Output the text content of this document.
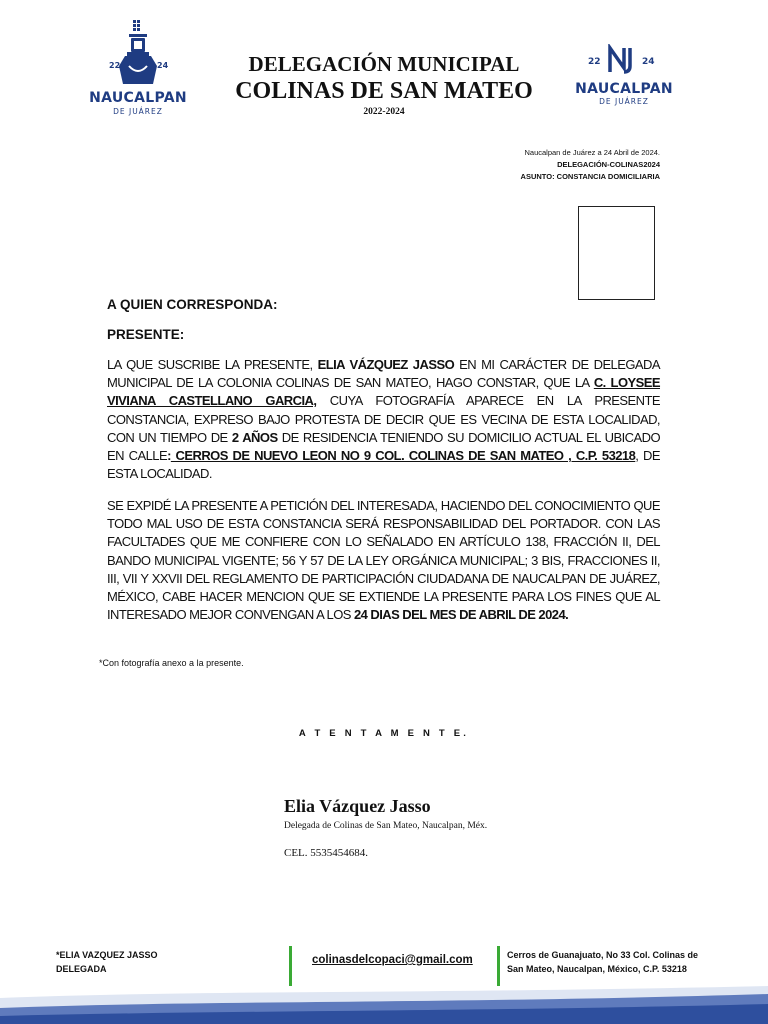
22	24
NAUCALPAN
DE JUÁREZ
DELEGACIÓN MUNICIPAL
COLINAS DE SAN MATEO
2022-2024
22	24
NAUCALPAN
DE JUÁREZ
Naucalpan de Juárez a 24 Abril de 2024.
DELEGACIÓN-COLINAS2024
ASUNTO: CONSTANCIA DOMICILIARIA
A QUIEN CORRESPONDA:
PRESENTE:
LA QUE SUSCRIBE LA PRESENTE, ELIA VÁZQUEZ JASSO EN MI CARÁCTER DE DELEGADA MUNICIPAL DE LA COLONIA COLINAS DE SAN MATEO, HAGO CONSTAR, QUE LA C. LOYSEE VIVIANA CASTELLANO GARCIA, CUYA FOTOGRAFÍA APARECE EN LA PRESENTE CONSTANCIA, EXPRESO BAJO PROTESTA DE DECIR QUE ES VECINA DE ESTA LOCALIDAD, CON UN TIEMPO DE 2 AÑOS DE RESIDENCIA TENIENDO SU DOMICILIO ACTUAL EL UBICADO EN CALLE: CERROS DE NUEVO LEON NO 9 COL. COLINAS DE SAN MATEO , C.P. 53218, DE ESTA LOCALIDAD.
SE EXPIDÉ LA PRESENTE A PETICIÓN DEL INTERESADA, HACIENDO DEL CONOCIMIENTO QUE TODO MAL USO DE ESTA CONSTANCIA SERÁ RESPONSABILIDAD DEL PORTADOR. CON LAS FACULTADES QUE ME CONFIERE CON LO SEÑALADO EN ARTÍCULO 138, FRACCIÓN II, DEL BANDO MUNICIPAL VIGENTE; 56 Y 57 DE LA LEY ORGÁNICA MUNICIPAL; 3 BIS, FRACCIONES II, III, VII Y XXVII DEL REGLAMENTO DE PARTICIPACIÓN CIUDADANA DE NAUCALPAN DE JUÁREZ, MÉXICO, CABE HACER MENCION QUE SE EXTIENDE LA PRESENTE PARA LOS FINES QUE AL INTERESADO MEJOR CONVENGAN A LOS 24 DIAS DEL MES DE ABRIL DE 2024.
*Con fotografía anexo a la presente.
A T E N T A M E N T E.
Elia Vázquez Jasso
Delegada de Colinas de San Mateo, Naucalpan, Méx.
CEL. 5535454684.
*ELIA VAZQUEZ JASSO
DELEGADA
colinasdelcopaci@gmail.com	Cerros de Guanajuato, No 33 Col. Colinas de San Mateo, Naucalpan, México, C.P. 53218
